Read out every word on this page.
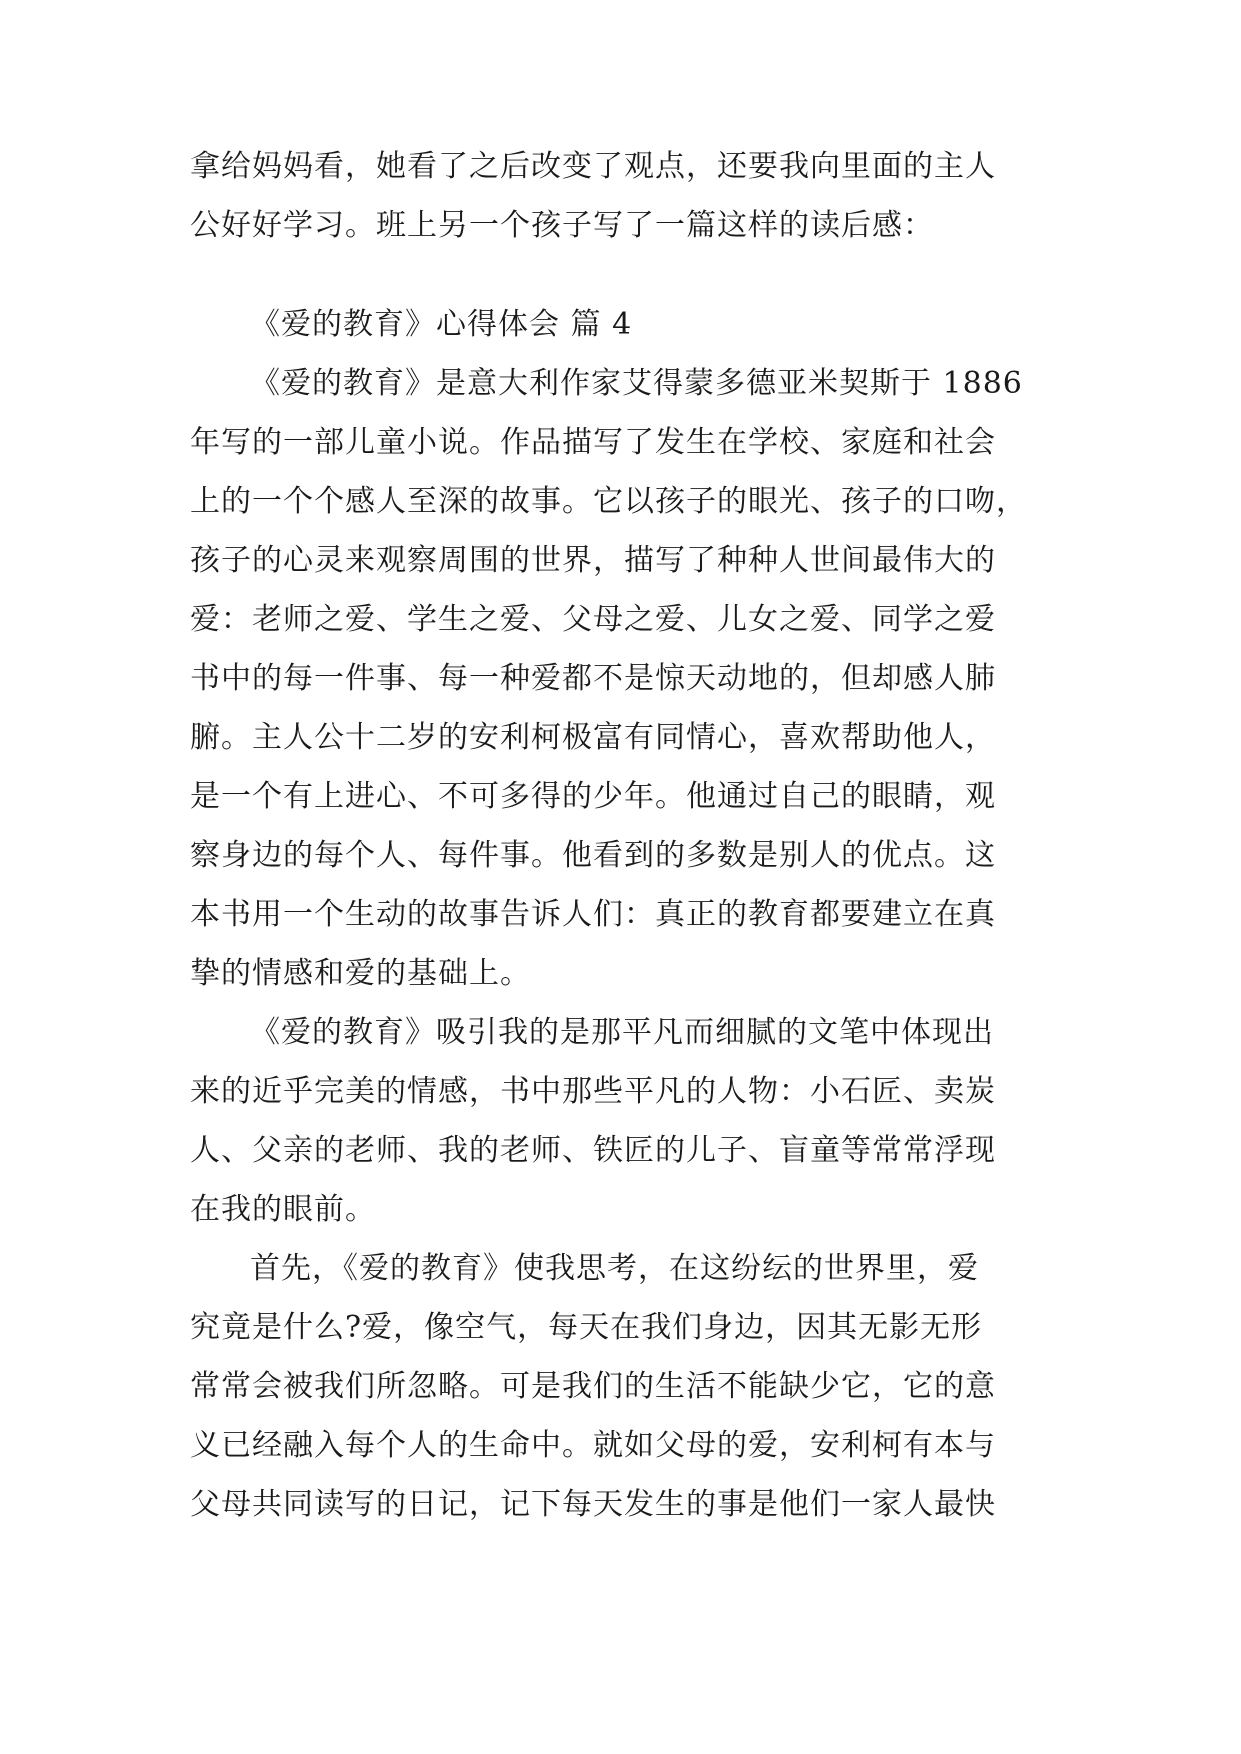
拿给妈妈看，她看了之后改变了观点，还要我向里面的主人
公好好学习。班上另一个孩子写了一篇这样的读后感：
《爱的教育》心得体会 篇 4
《爱的教育》是意大利作家艾得蒙多德亚米契斯于 1886
年写的一部儿童小说。作品描写了发生在学校、家庭和社会
上的一个个感人至深的故事。它以孩子的眼光、孩子的口吻，
孩子的心灵来观察周围的世界，描写了种种人世间最伟大的
爱：老师之爱、学生之爱、父母之爱、儿女之爱、同学之爱
书中的每一件事、每一种爱都不是惊天动地的，但却感人肺
腑。主人公十二岁的安利柯极富有同情心，喜欢帮助他人，
是一个有上进心、不可多得的少年。他通过自己的眼睛，观
察身边的每个人、每件事。他看到的多数是别人的优点。这
本书用一个生动的故事告诉人们：真正的教育都要建立在真
挚的情感和爱的基础上。
《爱的教育》吸引我的是那平凡而细腻的文笔中体现出
来的近乎完美的情感，书中那些平凡的人物：小石匠、卖炭
人、父亲的老师、我的老师、铁匠的儿子、盲童等常常浮现
在我的眼前。
首先，《爱的教育》使我思考，在这纷纭的世界里，爱
究竟是什么?爱，像空气，每天在我们身边，因其无影无形
常常会被我们所忽略。可是我们的生活不能缺少它，它的意
义已经融入每个人的生命中。就如父母的爱，安利柯有本与
父母共同读写的日记，记下每天发生的事是他们一家人最快
